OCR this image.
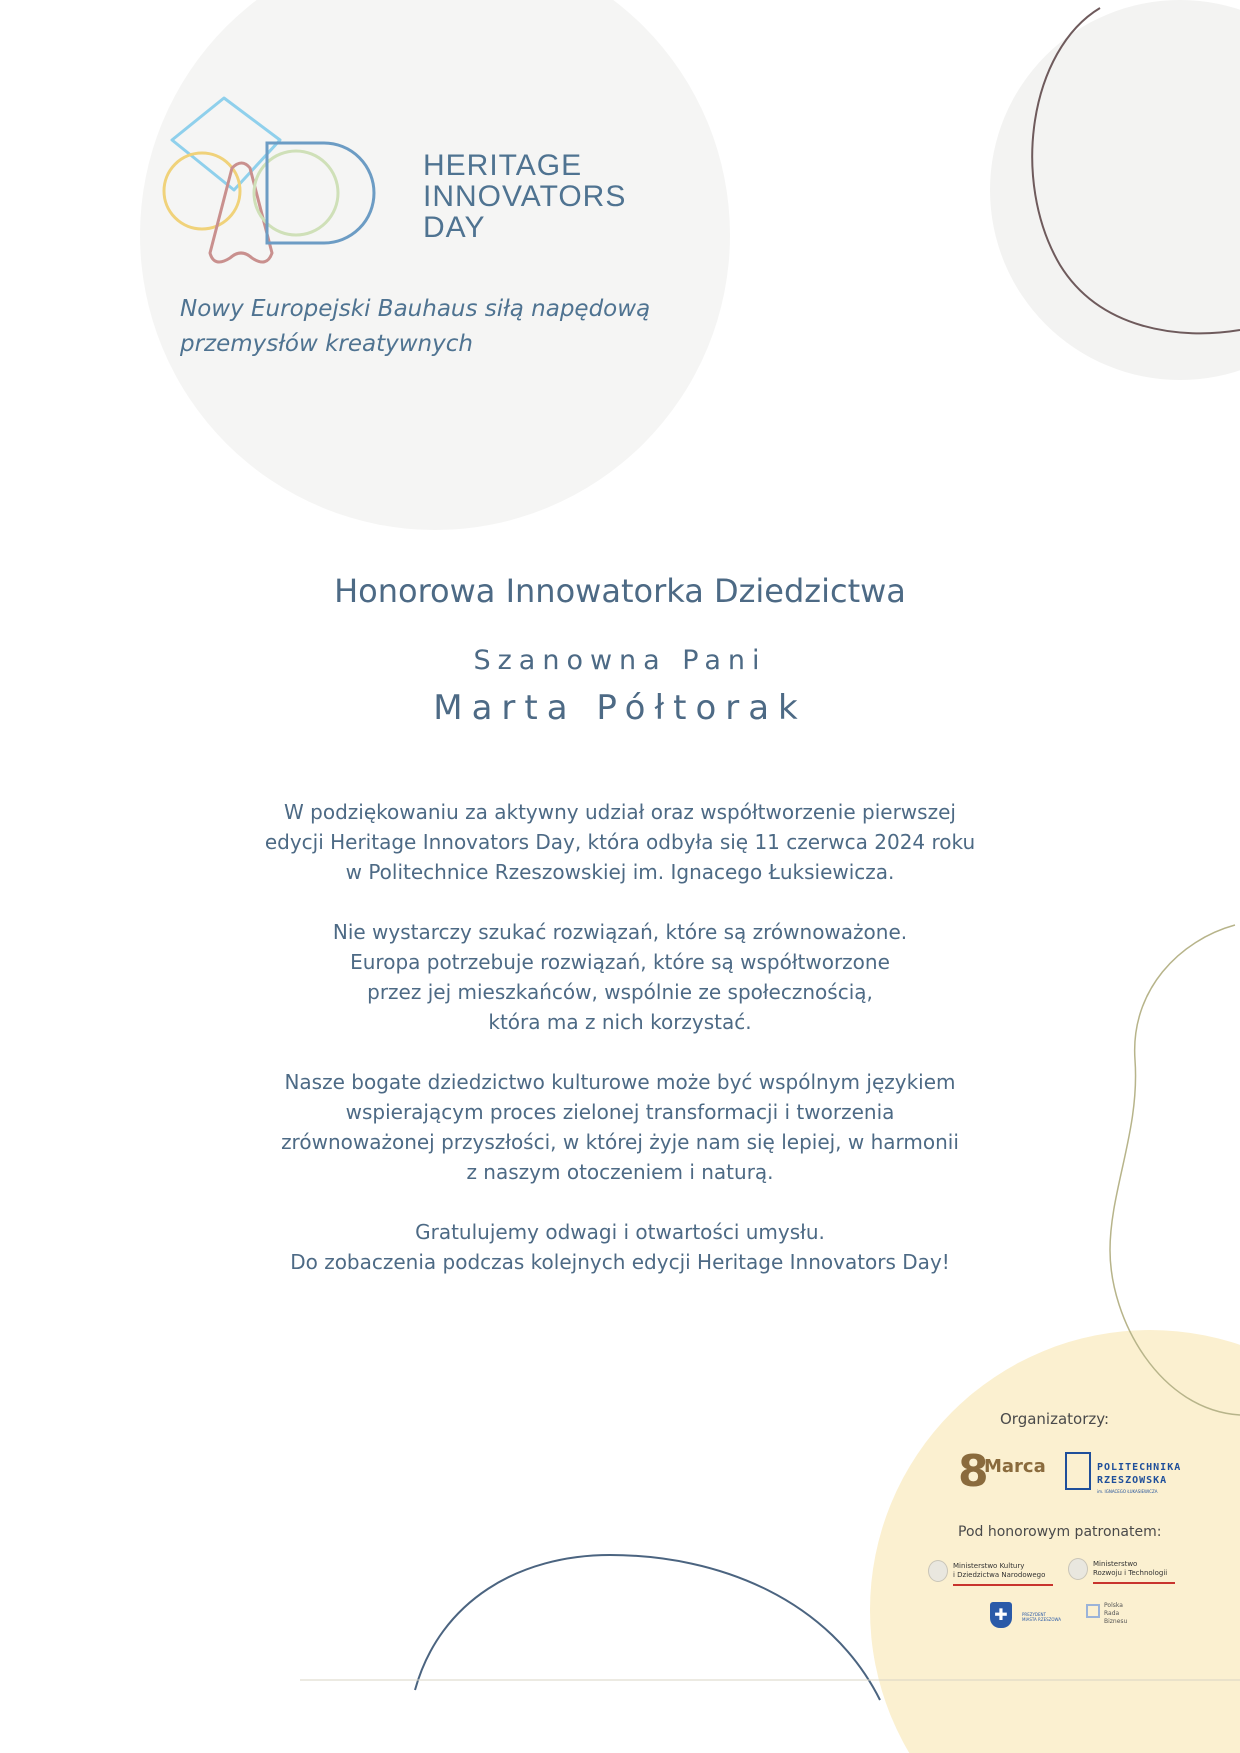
HERITAGE
INNOVATORS
DAY
Nowy Europejski Bauhaus siłą napędową
przemysłów kreatywnych
Honorowa Innowatorka Dziedzictwa
Szanowna Pani
Marta Półtorak
W podziękowaniu za aktywny udział oraz współtworzenie pierwszej
edycji Heritage Innovators Day, która odbyła się 11 czerwca 2024 roku
w Politechnice Rzeszowskiej im. Ignacego Łuksiewicza.
Nie wystarczy szukać rozwiązań, które są zrównoważone.
Europa potrzebuje rozwiązań, które są współtworzone
przez jej mieszkańców, wspólnie ze społecznością,
która ma z nich korzystać.
Nasze bogate dziedzictwo kulturowe może być wspólnym językiem
wspierającym proces zielonej transformacji i tworzenia
zrównoważonej przyszłości, w której żyje nam się lepiej, w harmonii
z naszym otoczeniem i naturą.
Gratulujemy odwagi i otwartości umysłu.
Do zobaczenia podczas kolejnych edycji Heritage Innovators Day!
Organizatorzy:
8
Marca	POLITECHNIKA
RZESZOWSKA
im. IGNACEGO ŁUKASIEWICZA
Pod honorowym patronatem:
Ministerstwo Kultury
i Dziedzictwa Narodowego
Ministerstwo
Rozwoju i Technologii
✚	PREZYDENT
MIASTA RZESZOWA
Polska
Rada
Biznesu
